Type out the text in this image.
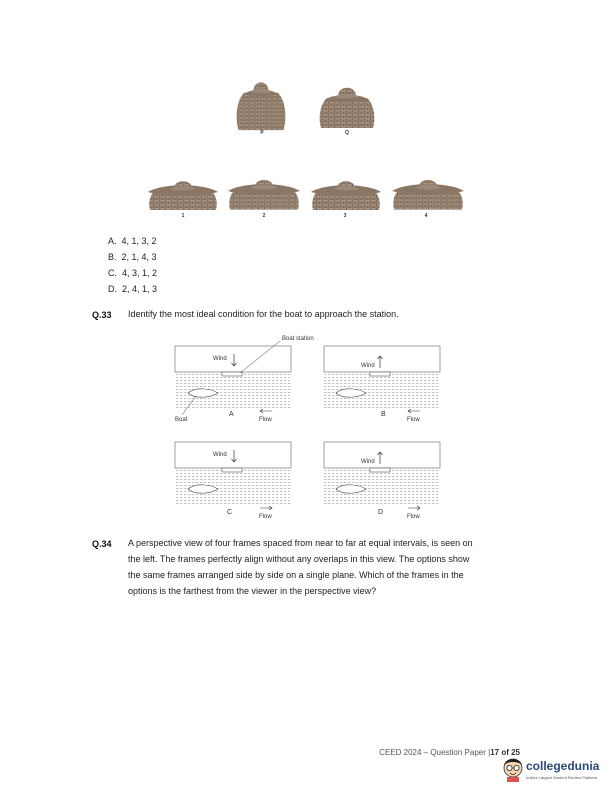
P	Q
1	2	3	4
A. 4, 1, 3, 2
B. 2, 1, 4, 3
C. 4, 3, 1, 2
D. 2, 4, 1, 3
Q.33 Identify the most ideal condition for the boat to approach the station.
Wind
A
Flow
Boat
Boat station
Wind
B
Flow
Wind
C
Flow
Wind
D
Flow
Q.34 A perspective view of four frames spaced from near to far at equal intervals, is seen on
the left. The frames perfectly align without any overlaps in this view. The options show
the same frames arranged side by side on a single plane. Which of the frames in the
options is the farthest from the viewer in the perspective view?
CEED 2024 – Question Paper |17 of 25
collegedunia
India's Largest Student Review Platform
